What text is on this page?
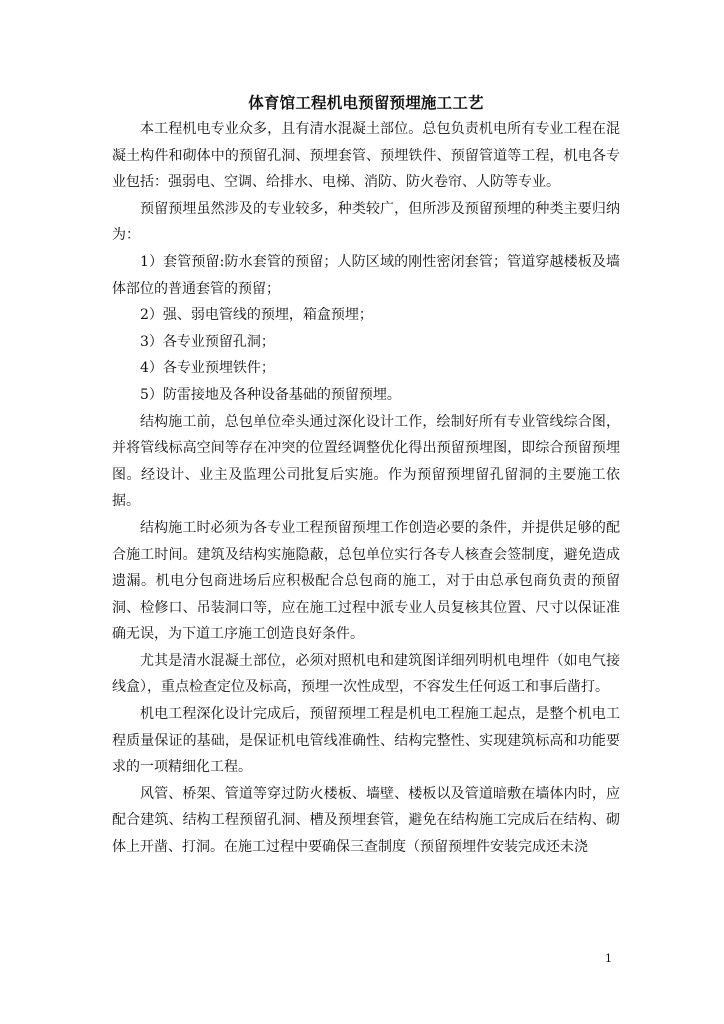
体育馆工程机电预留预埋施工工艺

本工程机电专业众多，且有清水混凝土部位。总包负责机电所有专业工程在混凝土构件和砌体中的预留孔洞、预埋套管、预埋铁件、预留管道等工程，机电各专业包括：强弱电、空调、给排水、电梯、消防、防火卷帘、人防等专业。

预留预埋虽然涉及的专业较多，种类较广，但所涉及预留预埋的种类主要归纳为：

1）套管预留:防水套管的预留；人防区域的刚性密闭套管；管道穿越楼板及墙体部位的普通套管的预留；

2）强、弱电管线的预埋，箱盒预埋；

3）各专业预留孔洞；

4）各专业预埋铁件；

5）防雷接地及各种设备基础的预留预埋。

结构施工前，总包单位牵头通过深化设计工作，绘制好所有专业管线综合图，并将管线标高空间等存在冲突的位置经调整优化得出预留预埋图，即综合预留预埋图。经设计、业主及监理公司批复后实施。作为预留预埋留孔留洞的主要施工依据。

结构施工时必须为各专业工程预留预埋工作创造必要的条件，并提供足够的配合施工时间。建筑及结构实施隐蔽，总包单位实行各专人核查会签制度，避免造成遗漏。机电分包商进场后应积极配合总包商的施工，对于由总承包商负责的预留洞、检修口、吊装洞口等，应在施工过程中派专业人员复核其位置、尺寸以保证准确无误，为下道工序施工创造良好条件。

尤其是清水混凝土部位，必须对照机电和建筑图详细列明机电埋件（如电气接线盒），重点检查定位及标高，预埋一次性成型，不容发生任何返工和事后凿打。

机电工程深化设计完成后，预留预埋工程是机电工程施工起点，是整个机电工程质量保证的基础，是保证机电管线准确性、结构完整性、实现建筑标高和功能要求的一项精细化工程。

风管、桥架、管道等穿过防火楼板、墙壁、楼板以及管道暗敷在墙体内时，应配合建筑、结构工程预留孔洞、槽及预埋套管，避免在结构施工完成后在结构、砌体上开凿、打洞。在施工过程中要确保三查制度（预留预埋件安装完成还未浇

1
